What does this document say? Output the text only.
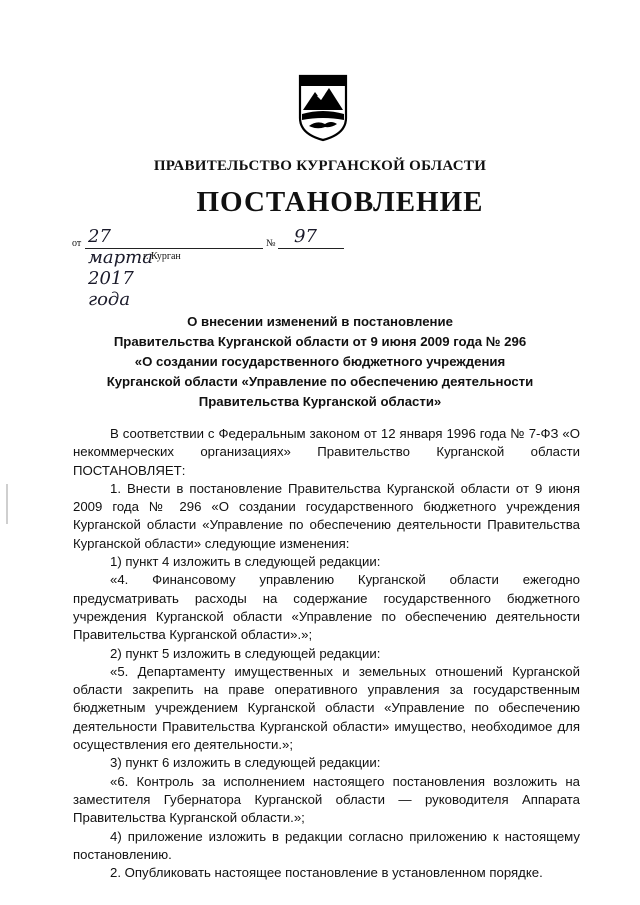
ПРАВИТЕЛЬСТВО КУРГАНСКОЙ ОБЛАСТИ
ПОСТАНОВЛЕНИЕ
от 27 марта 2017 года
№ 97
г. Курган
О внесении изменений в постановление
Правительства Курганской области от 9 июня 2009 года № 296
«О создании государственного бюджетного учреждения
Курганской области «Управление по обеспечению деятельности
Правительства Курганской области»

В соответствии с Федеральным законом от 12 января 1996 года № 7-ФЗ «О некоммерческих организациях» Правительство Курганской области ПОСТАНОВЛЯЕТ:

1. Внести в постановление Правительства Курганской области от 9 июня 2009 года № 296 «О создании государственного бюджетного учреждения Курганской области «Управление по обеспечению деятельности Правительства Курганской области» следующие изменения:

1) пункт 4 изложить в следующей редакции:

«4. Финансовому управлению Курганской области ежегодно предусматривать расходы на содержание государственного бюджетного учреждения Курганской области «Управление по обеспечению деятельности Правительства Курганской области».»;

2) пункт 5 изложить в следующей редакции:

«5. Департаменту имущественных и земельных отношений Курганской области закрепить на праве оперативного управления за государственным бюджетным учреждением Курганской области «Управление по обеспечению деятельности Правительства Курганской области» имущество, необходимое для осуществления его деятельности.»;

3) пункт 6 изложить в следующей редакции:

«6. Контроль за исполнением настоящего постановления возложить на заместителя Губернатора Курганской области — руководителя Аппарата Правительства Курганской области.»;

4) приложение изложить в редакции согласно приложению к настоящему постановлению.

2. Опубликовать настоящее постановление в установленном порядке.
